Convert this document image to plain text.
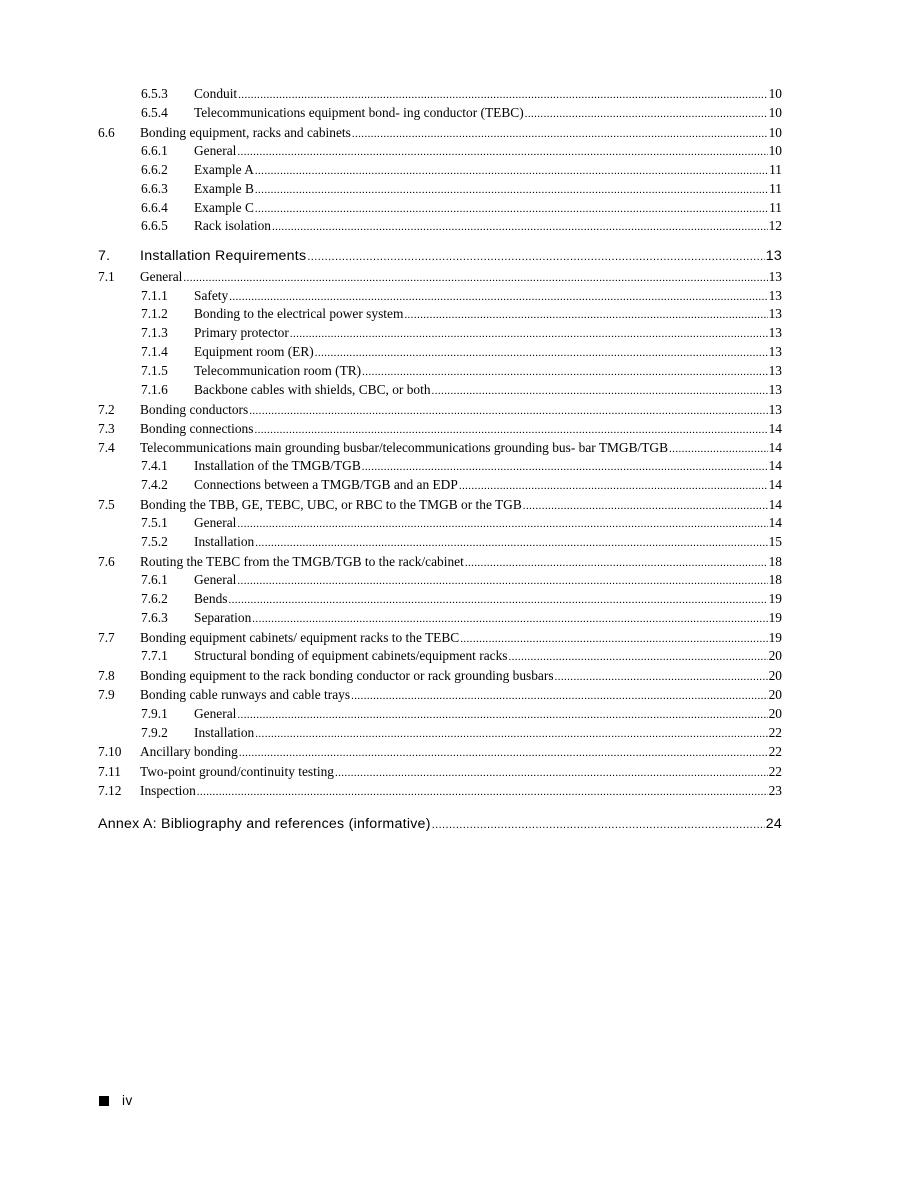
6.5.3	Conduit .....	10
6.5.4	Telecommunications equipment bond- ing conductor (TEBC) .....	10
6.6	Bonding equipment, racks and cabinets .....	10
6.6.1	General .....	10
6.6.2	Example A .....	11
6.6.3	Example B .....	11
6.6.4	Example C .....	11
6.6.5	Rack isolation .....	12
7.	Installation Requirements .....	13
7.1	General .....	13
7.1.1	Safety .....	13
7.1.2	Bonding to the electrical power system .....	13
7.1.3	Primary protector .....	13
7.1.4	Equipment room (ER) .....	13
7.1.5	Telecommunication room (TR) .....	13
7.1.6	Backbone cables with shields, CBC, or both .....	13
7.2	Bonding conductors .....	13
7.3	Bonding connections .....	14
7.4	Telecommunications main grounding busbar/telecommunications grounding bus- bar TMGB/TGB .....	14
7.4.1	Installation of the TMGB/TGB .....	14
7.4.2	Connections between a TMGB/TGB and an EDP .....	14
7.5	Bonding the TBB, GE, TEBC, UBC, or RBC to the TMGB or the TGB .....	14
7.5.1	General .....	14
7.5.2	Installation .....	15
7.6	Routing the TEBC from the TMGB/TGB to the rack/cabinet .....	18
7.6.1	General .....	18
7.6.2	Bends .....	19
7.6.3	Separation .....	19
7.7	Bonding equipment cabinets/ equipment racks to the TEBC .....	19
7.7.1	Structural bonding of equipment cabinets/equipment racks .....	20
7.8	Bonding equipment to the rack bonding conductor or rack grounding busbars .....	20
7.9	Bonding cable runways and cable trays .....	20
7.9.1	General .....	20
7.9.2	Installation .....	22
7.10	Ancillary bonding .....	22
7.11	Two-point ground/continuity testing .....	22
7.12	Inspection .....	23
Annex A: Bibliography and references (informative) .....	24
iv
